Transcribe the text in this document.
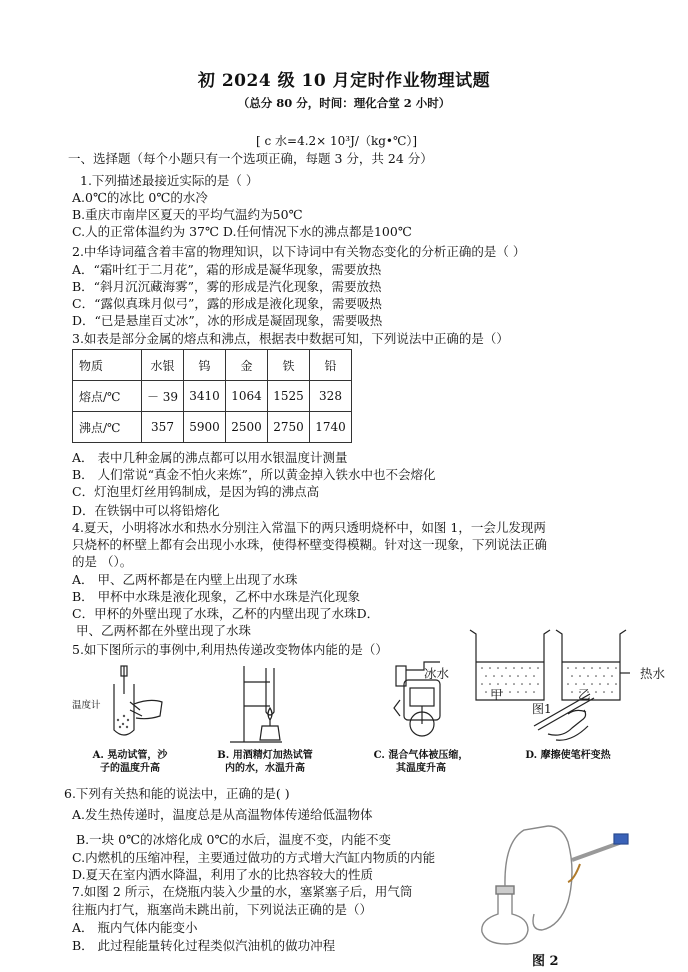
初 2024 级 10 月定时作业物理试题
（总分 80 分，时间：理化合堂 2 小时）
[ c 水=4.2× 10³J/（kg•℃）]
一、选择题（每个小题只有一个选项正确，每题 3 分，共 24 分）
1.下列描述最接近实际的是（ ）
A.0℃的冰比 0℃的水冷
B.重庆市南岸区夏天的平均气温约为50℃
C.人的正常体温约为 37℃ D.任何情况下水的沸点都是100℃
2.中华诗词蕴含着丰富的物理知识，以下诗词中有关物态变化的分析正确的是（ ）
A．“霜叶红于二月花”，霜的形成是凝华现象，需要放热
B．“斜月沉沉藏海雾”，雾的形成是汽化现象，需要放热
C．“露似真珠月似弓”，露的形成是液化现象，需要吸热
D．“已是悬崖百丈冰”，冰的形成是凝固现象，需要吸热
3.如表是部分金属的熔点和沸点，根据表中数据可知，下列说法中正确的是（）
物质	水银	钨	金	铁	铅
熔点/℃	－ 39	3410	1064	1525	328
沸点/℃	357	5900	2500	2750	1740
A． 表中几种金属的沸点都可以用水银温度计测量
B． 人们常说“真金不怕火来炼”，所以黄金掉入铁水中也不会熔化
C．灯泡里灯丝用钨制成，是因为钨的沸点高
D．在铁锅中可以将铅熔化
4.夏天，小明将冰水和热水分别注入常温下的两只透明烧杯中，如图 1，一会儿发现两
只烧杯的杯壁上都有会出现小水珠，使得杯壁变得模糊。针对这一现象，下列说法正确
的是 （）。
A． 甲、乙两杯都是在内壁上出现了水珠
B． 甲杯中水珠是液化现象，乙杯中水珠是汽化现象
C．甲杯的外壁出现了水珠，乙杯的内壁出现了水珠D．
甲、乙两杯都在外壁出现了水珠
冰水	热水
甲	乙
图1
5.如下图所示的事例中,利用热传递改变物体内能的是（）
温度计
A. 晃动试管，沙
子的温度升高
B. 用酒精灯加热试管
内的水，水温升高
C. 混合气体被压缩，
其温度升高
D. 摩擦使笔杆变热
6.下列有关热和能的说法中，正确的是( )
A.发生热传递时，温度总是从高温物体传递给低温物体
B.一块 0℃的冰熔化成 0℃的水后，温度不变，内能不变
C.内燃机的压缩冲程，主要通过做功的方式增大汽缸内物质的内能
D.夏天在室内洒水降温，利用了水的比热容较大的性质
7.如图 2 所示，在烧瓶内装入少量的水，塞紧塞子后，用气筒
往瓶内打气，瓶塞尚未跳出前，下列说法正确的是（）
A． 瓶内气体内能变小
B． 此过程能量转化过程类似汽油机的做功冲程
图 2
